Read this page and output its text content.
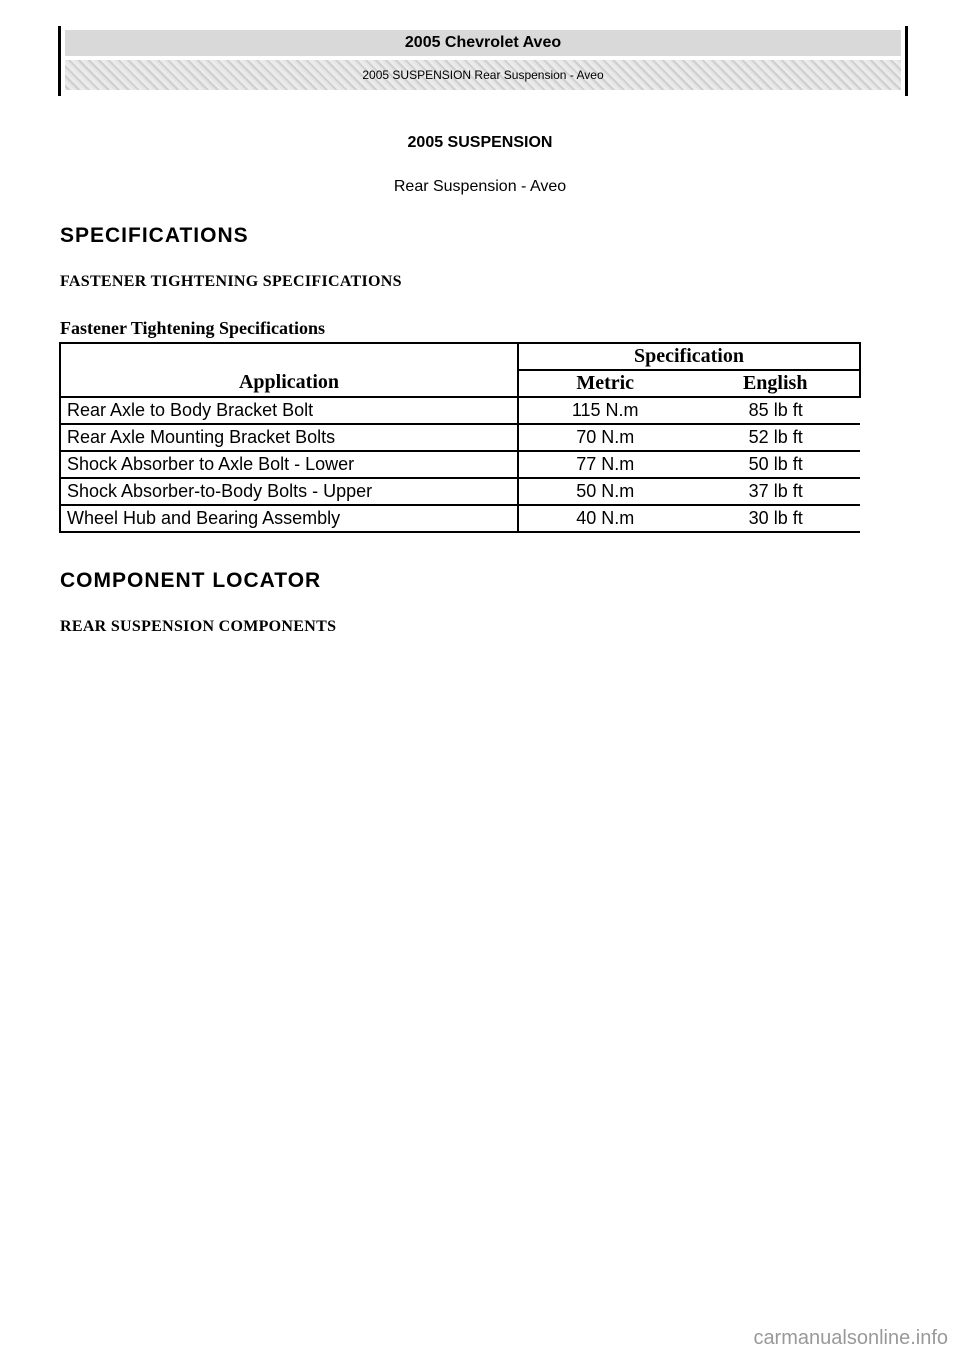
2005 Chevrolet Aveo
2005 SUSPENSION Rear Suspension - Aveo
2005 SUSPENSION
Rear Suspension - Aveo
SPECIFICATIONS
FASTENER TIGHTENING SPECIFICATIONS
Fastener Tightening Specifications
Application	Specification	
	Metric	English
Rear Axle to Body Bracket Bolt	115 N.m	85 lb ft
Rear Axle Mounting Bracket Bolts	70 N.m	52 lb ft
Shock Absorber to Axle Bolt - Lower	77 N.m	50 lb ft
Shock Absorber-to-Body Bolts - Upper	50 N.m	37 lb ft
Wheel Hub and Bearing Assembly	40 N.m	30 lb ft
COMPONENT LOCATOR
REAR SUSPENSION COMPONENTS
carmanualsonline.info
